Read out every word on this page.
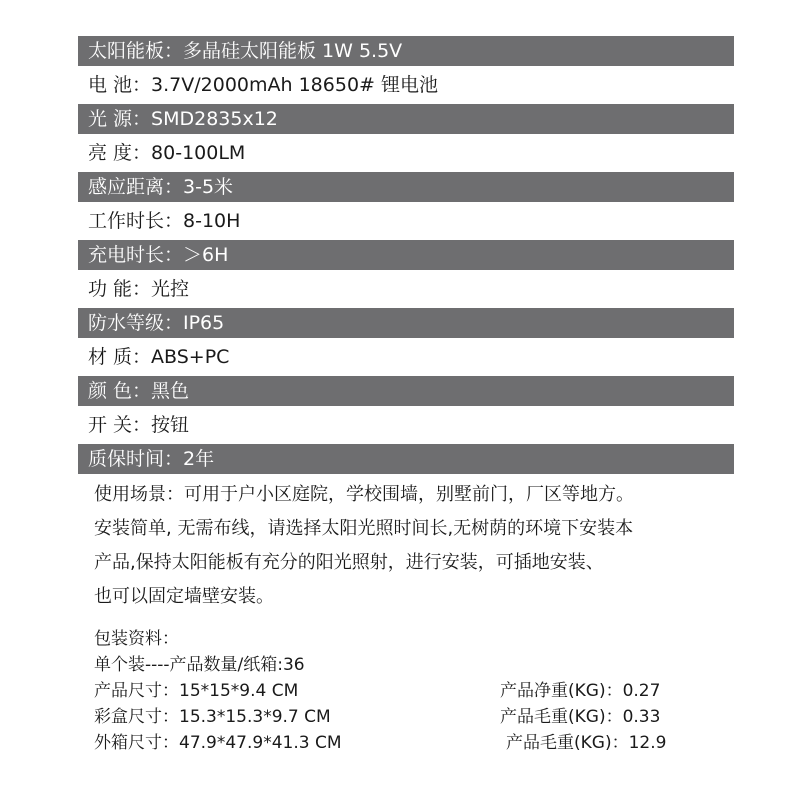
太阳能板：多晶硅太阳能板 1W 5.5V
电 池：3.7V/2000mAh 18650# 锂电池
光 源：SMD2835x12
亮 度：80-100LM
感应距离：3-5米
工作时长：8-10H
充电时长：＞6H
功 能：光控
防水等级：IP65
材 质：ABS+PC
颜 色：黑色
开 关：按钮
质保时间：2年
使用场景：可用于户小区庭院，学校围墙，别墅前门，厂区等地方。
安装简单, 无需布线，请选择太阳光照时间长,无树荫的环境下安装本
产品,保持太阳能板有充分的阳光照射，进行安装，可插地安装、
也可以固定墙壁安装。
包装资料：
单个装----产品数量/纸箱:36
产品尺寸：15*15*9.4 CM	产品净重(KG)：0.27
彩盒尺寸：15.3*15.3*9.7 CM	产品毛重(KG)：0.33
外箱尺寸：47.9*47.9*41.3 CM	产品毛重(KG)：12.9
